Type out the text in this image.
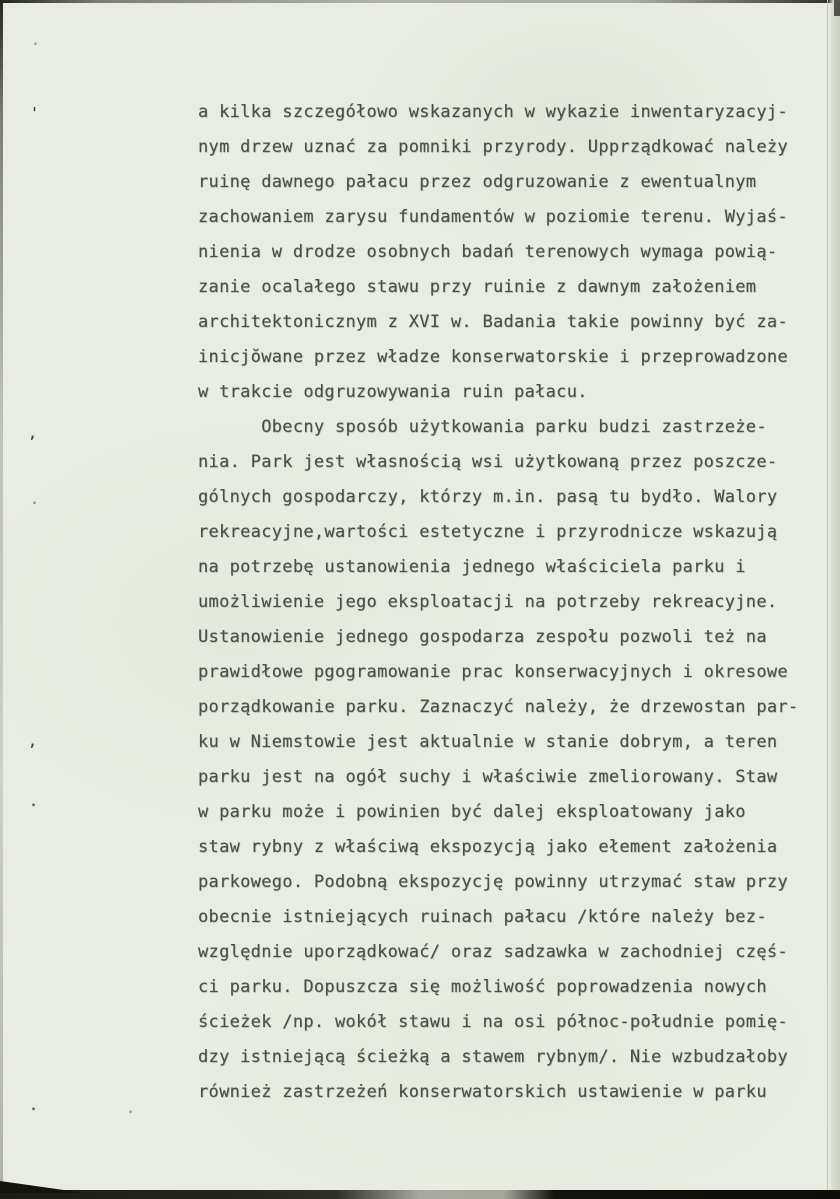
a kilka szczegółowo wskazanych w wykazie inwentaryzacyj-
nym drzew uznać za pomniki przyrody. Upprządkować należy
ruinę dawnego pałacu przez odgruzowanie z ewentualnym
zachowaniem zarysu fundamentów w poziomie terenu. Wyjaś-
nienia w drodze osobnych badań terenowych wymaga powią-
zanie ocalałego stawu przy ruinie z dawnym założeniem
architektonicznym z XVI w. Badania takie powinny być za-
inicjŏwane przez władze konserwatorskie i przeprowadzone
w trakcie odgruzowywania ruin pałacu.
Obecny sposób użytkowania parku budzi zastrzeże-
nia. Park jest własnością wsi użytkowaną przez poszcze-
gólnych gospodarczy, którzy m.in. pasą tu bydło. Walory
rekreacyjne,wartości estetyczne i przyrodnicze wskazują
na potrzebę ustanowienia jednego właściciela parku i
umożliwienie jego eksploatacji na potrzeby rekreacyjne.
Ustanowienie jednego gospodarza zespołu pozwoli też na
prawidłowe pgogramowanie prac konserwacyjnych i okresowe
porządkowanie parku. Zaznaczyć należy, że drzewostan par-
ku w Niemstowie jest aktualnie w stanie dobrym, a teren
parku jest na ogół suchy i właściwie zmeliorowany. Staw
w parku może i powinien być dalej eksploatowany jako
staw rybny z właściwą ekspozycją jako ełement założenia
parkowego. Podobną ekspozycję powinny utrzymać staw przy
obecnie istniejących ruinach pałacu /które należy bez-
względnie uporządkować/ oraz sadzawka w zachodniej częś-
ci parku. Dopuszcza się możliwość poprowadzenia nowych
ścieżek /np. wokół stawu i na osi północ-południe pomię-
dzy istniejącą ścieżką a stawem rybnym/. Nie wzbudzałoby
również zastrzeżeń konserwatorskich ustawienie w parku
·
'
,
·
,
.
.	.
